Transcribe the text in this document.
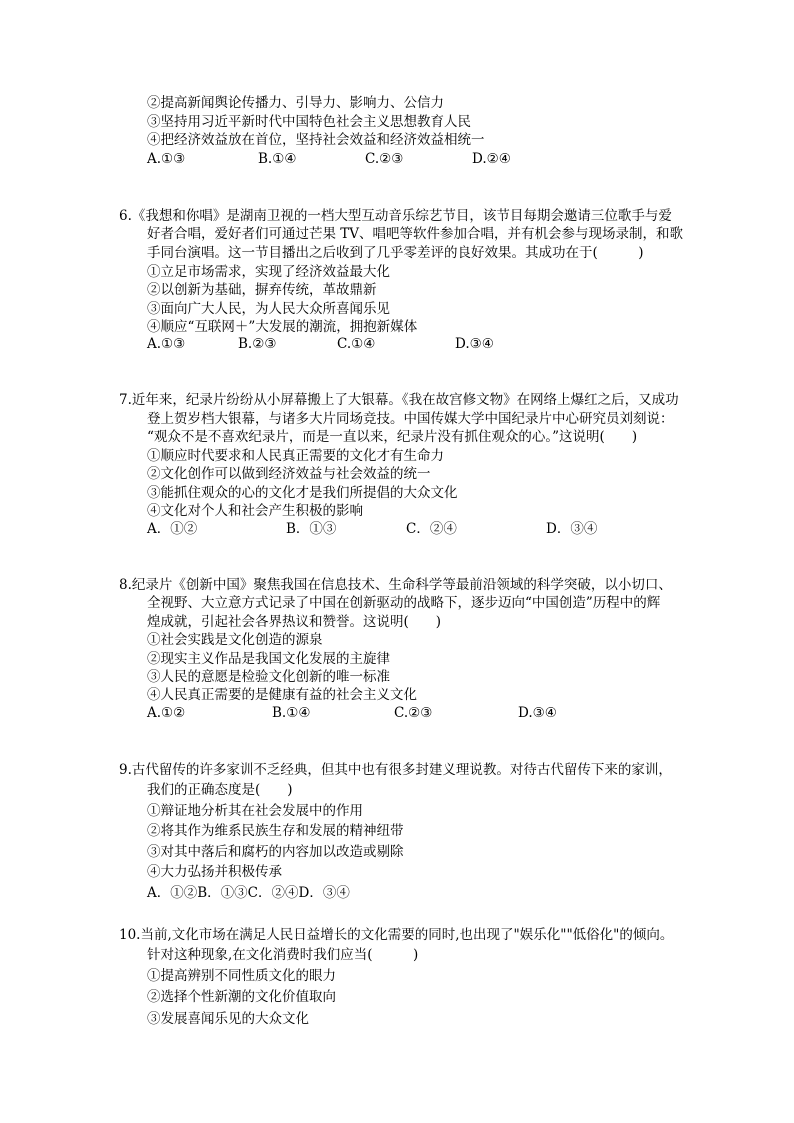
②提高新闻舆论传播力、引导力、影响力、公信力
③坚持用习近平新时代中国特色社会主义思想教育人民
④把经济效益放在首位，坚持社会效益和经济效益相统一
A.①③	B.①④	C.②③	D.②④
6.《我想和你唱》是湖南卫视的一档大型互动音乐综艺节目，该节目每期会邀请三位歌手与爱
好者合唱，爱好者们可通过芒果 TV、唱吧等软件参加合唱，并有机会参与现场录制，和歌
手同台演唱。这一节目播出之后收到了几乎零差评的良好效果。其成功在于(　　　)
①立足市场需求，实现了经济效益最大化
②以创新为基础，摒弃传统，革故鼎新
③面向广大人民，为人民大众所喜闻乐见
④顺应“互联网＋”大发展的潮流，拥抱新媒体
A.①③	B.②③	C.①④	D.③④
7.近年来，纪录片纷纷从小屏幕搬上了大银幕。《我在故宫修文物》在网络上爆红之后，又成功
登上贺岁档大银幕，与诸多大片同场竞技。中国传媒大学中国纪录片中心研究员刘刻说：
“观众不是不喜欢纪录片，而是一直以来，纪录片没有抓住观众的心。”这说明(　　)
①顺应时代要求和人民真正需要的文化才有生命力
②文化创作可以做到经济效益与社会效益的统一
③能抓住观众的心的文化才是我们所提倡的大众文化
④文化对个人和社会产生积极的影响
A．①②	B．①③	C．②④	D．③④
8.纪录片《创新中国》聚焦我国在信息技术、生命科学等最前沿领域的科学突破，以小切口、
全视野、大立意方式记录了中国在创新驱动的战略下，逐步迈向“中国创造”历程中的辉
煌成就，引起社会各界热议和赞誉。这说明(　　)
①社会实践是文化创造的源泉
②现实主义作品是我国文化发展的主旋律
③人民的意愿是检验文化创新的唯一标准
④人民真正需要的是健康有益的社会主义文化
A.①②	B.①④	C.②③	D.③④
9.古代留传的许多家训不乏经典，但其中也有很多封建义理说教。对待古代留传下来的家训，
我们的正确态度是(　　)
①辩证地分析其在社会发展中的作用
②将其作为维系民族生存和发展的精神纽带
③对其中落后和腐朽的内容加以改造或剔除
④大力弘扬并积极传承
A．①②B．①③C．②④D．③④
10.当前,文化市场在满足人民日益增长的文化需要的同时,也出现了"娱乐化""低俗化"的倾向。
针对这种现象,在文化消费时我们应当(　　　)
①提高辨别不同性质文化的眼力
②选择个性新潮的文化价值取向
③发展喜闻乐见的大众文化
